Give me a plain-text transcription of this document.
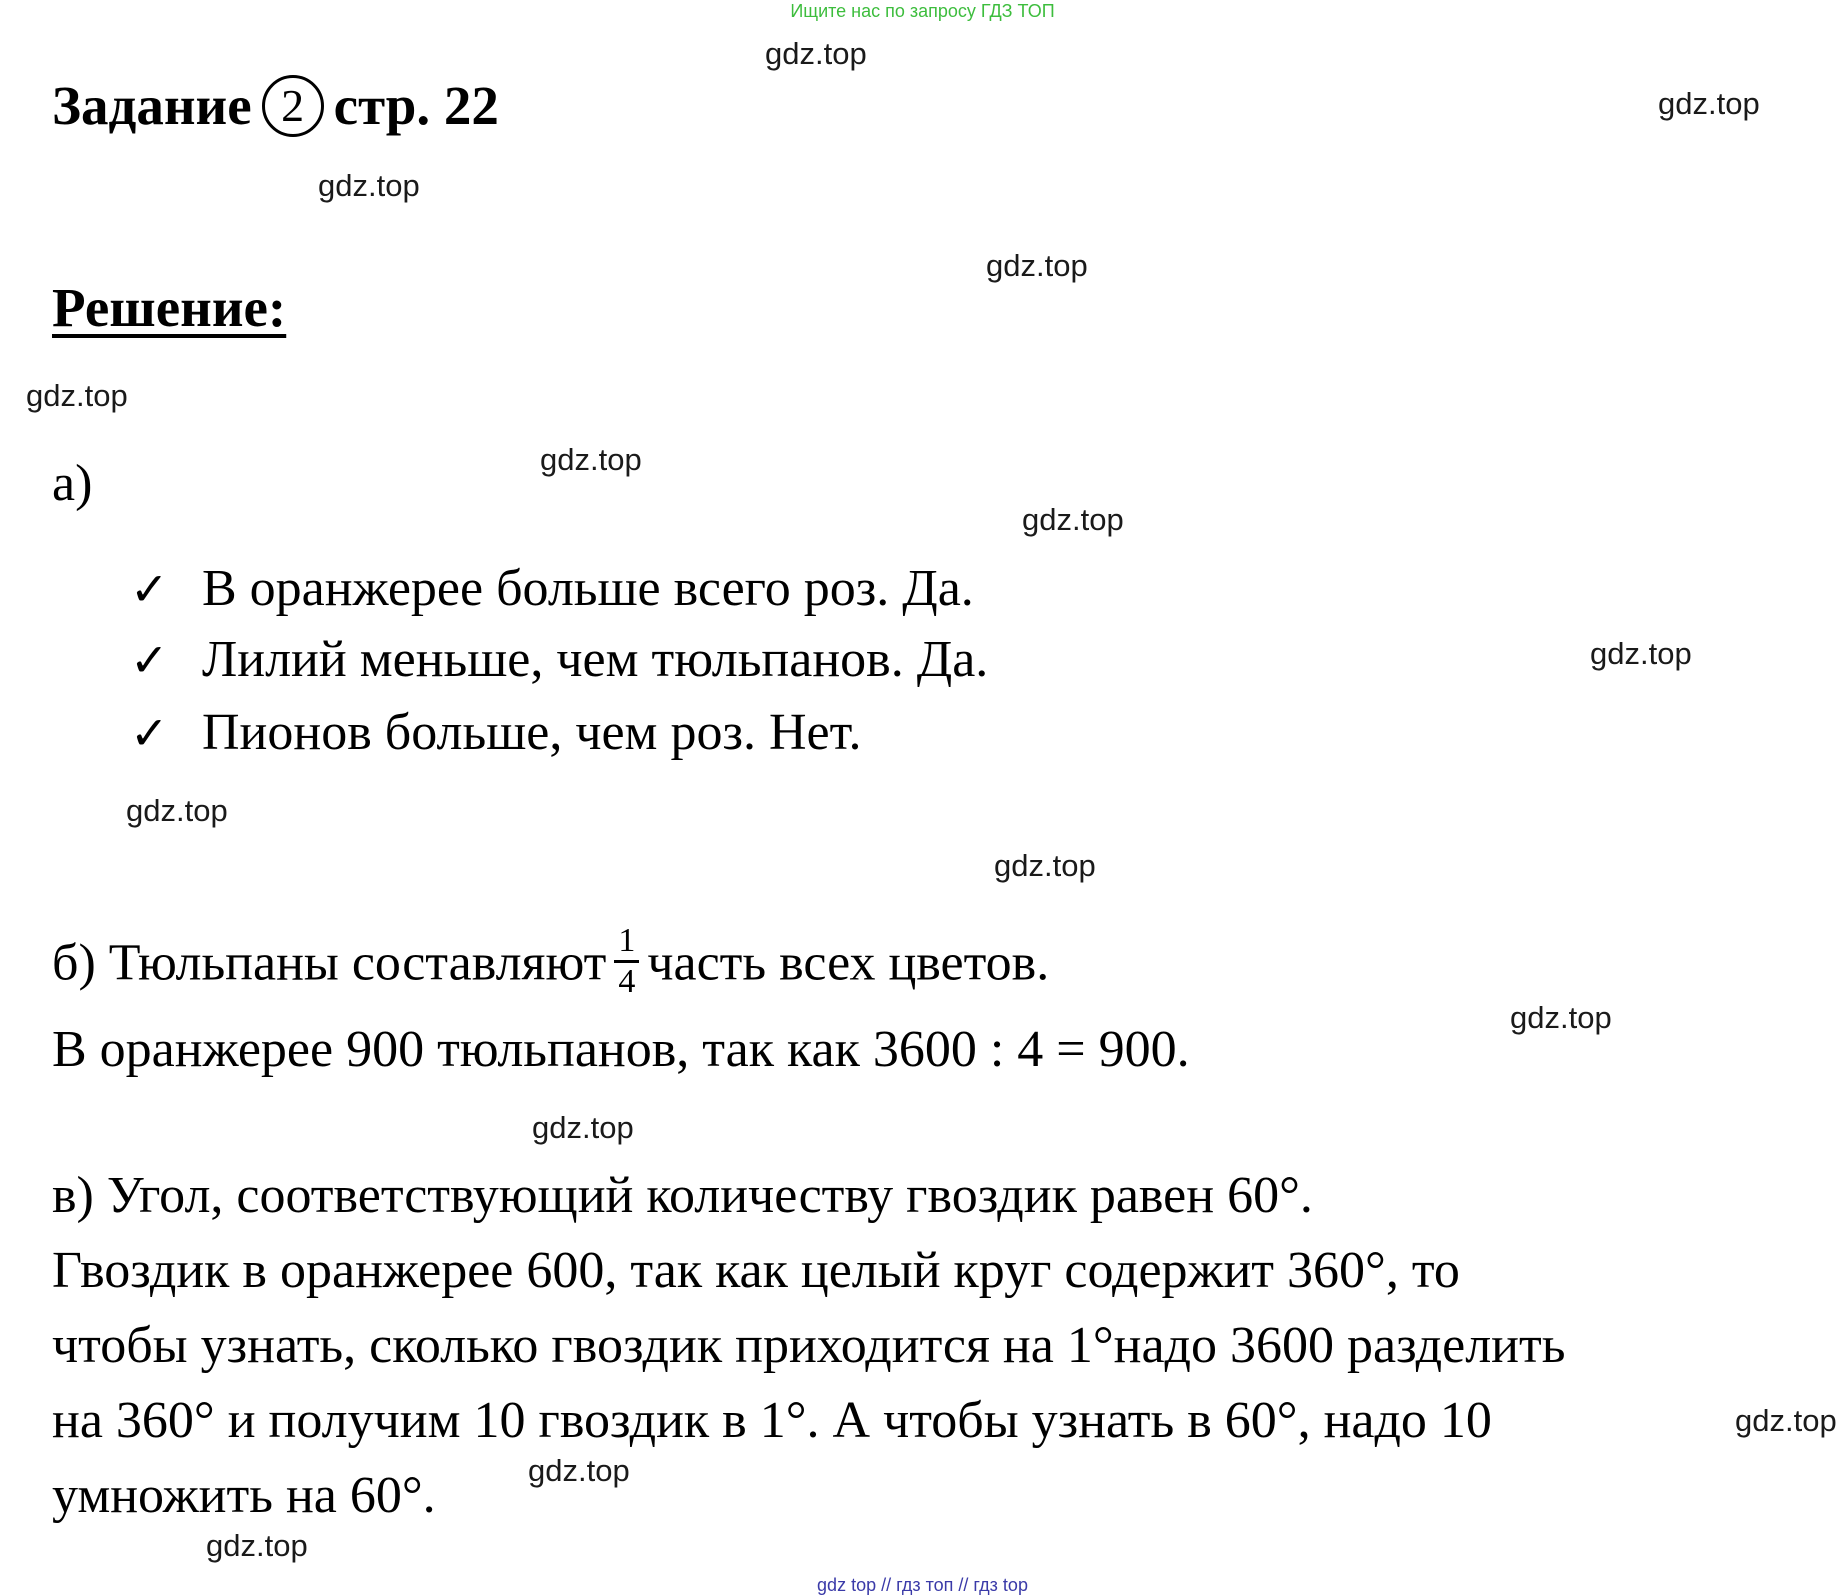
Ищите нас по запросу ГДЗ ТОП
gdz top // гдз топ // гдз top
Задание 2 стр. 22
Решение:
а)
✓ В оранжерее больше всего роз. Да.
✓ Лилий меньше, чем тюльпанов. Да.
✓ Пионов больше, чем роз. Нет.
б) Тюльпаны составляют $\frac{1}{4}$ часть всех цветов.
В оранжерее 900 тюльпанов, так как 3600 : 4 = 900.
в) Угол, соответствующий количеству гвоздик равен 60°.
Гвоздик в оранжерее 600, так как целый круг содержит 360°, то
чтобы узнать, сколько гвоздик приходится на 1°надо 3600 разделить
на 360° и получим 10 гвоздик в 1°. А чтобы узнать в 60°, надо 10
умножить на 60°.
gdz.top
gdz.top
gdz.top
gdz.top
gdz.top
gdz.top
gdz.top
gdz.top
gdz.top
gdz.top
gdz.top
gdz.top
gdz.top
gdz.top
gdz.top
